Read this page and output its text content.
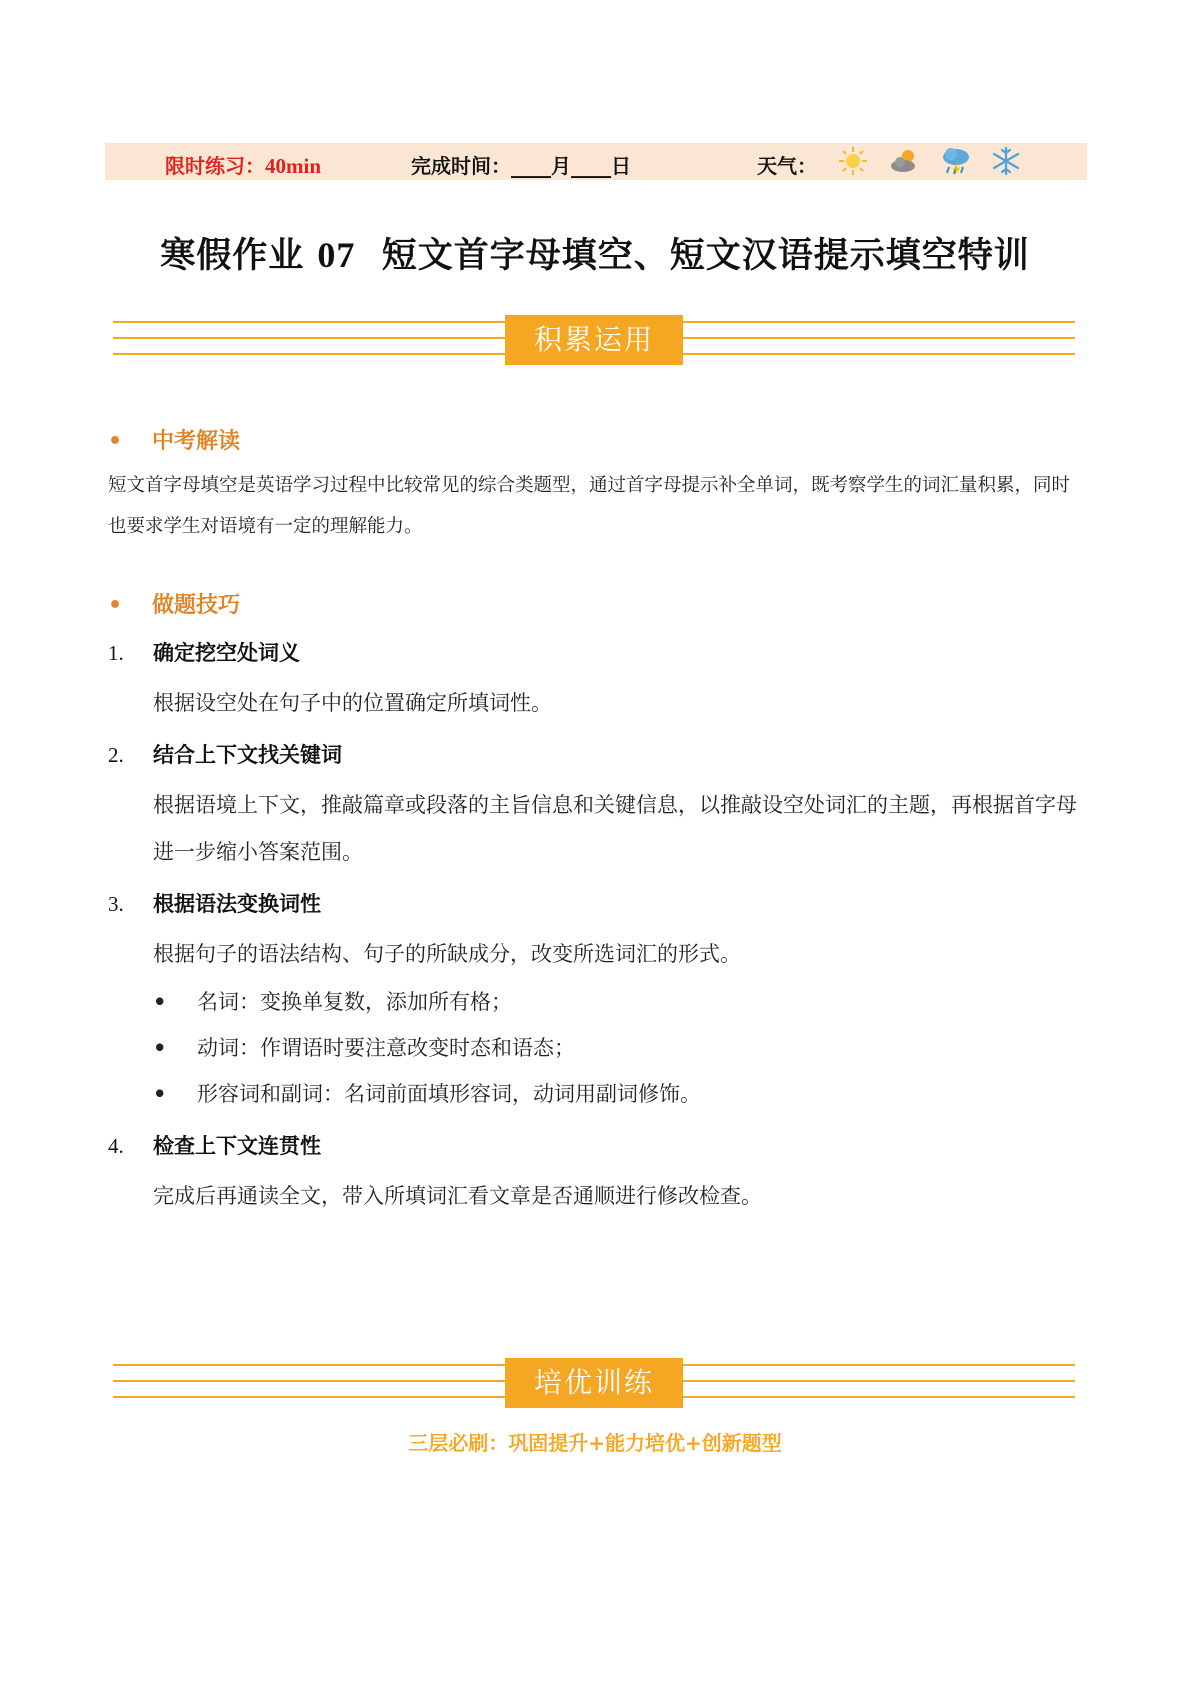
限时练习：40min	完成时间：____月____日	天气：
寒假作业 07 短文首字母填空、短文汉语提示填空特训
积累运用
• 中考解读
短文首字母填空是英语学习过程中比较常见的综合类题型，通过首字母提示补全单词，既考察学生的词汇量积累，同时也要求学生对语境有一定的理解能力。
• 做题技巧
1. 确定挖空处词义
根据设空处在句子中的位置确定所填词性。
2. 结合上下文找关键词
根据语境上下文，推敲篇章或段落的主旨信息和关键信息，以推敲设空处词汇的主题，再根据首字母进一步缩小答案范围。
3. 根据语法变换词性
根据句子的语法结构、句子的所缺成分，改变所选词汇的形式。
• 名词：变换单复数，添加所有格；
• 动词：作谓语时要注意改变时态和语态；
• 形容词和副词：名词前面填形容词，动词用副词修饰。
4. 检查上下文连贯性
完成后再通读全文，带入所填词汇看文章是否通顺进行修改检查。
培优训练
三层必刷：巩固提升+能力培优+创新题型
